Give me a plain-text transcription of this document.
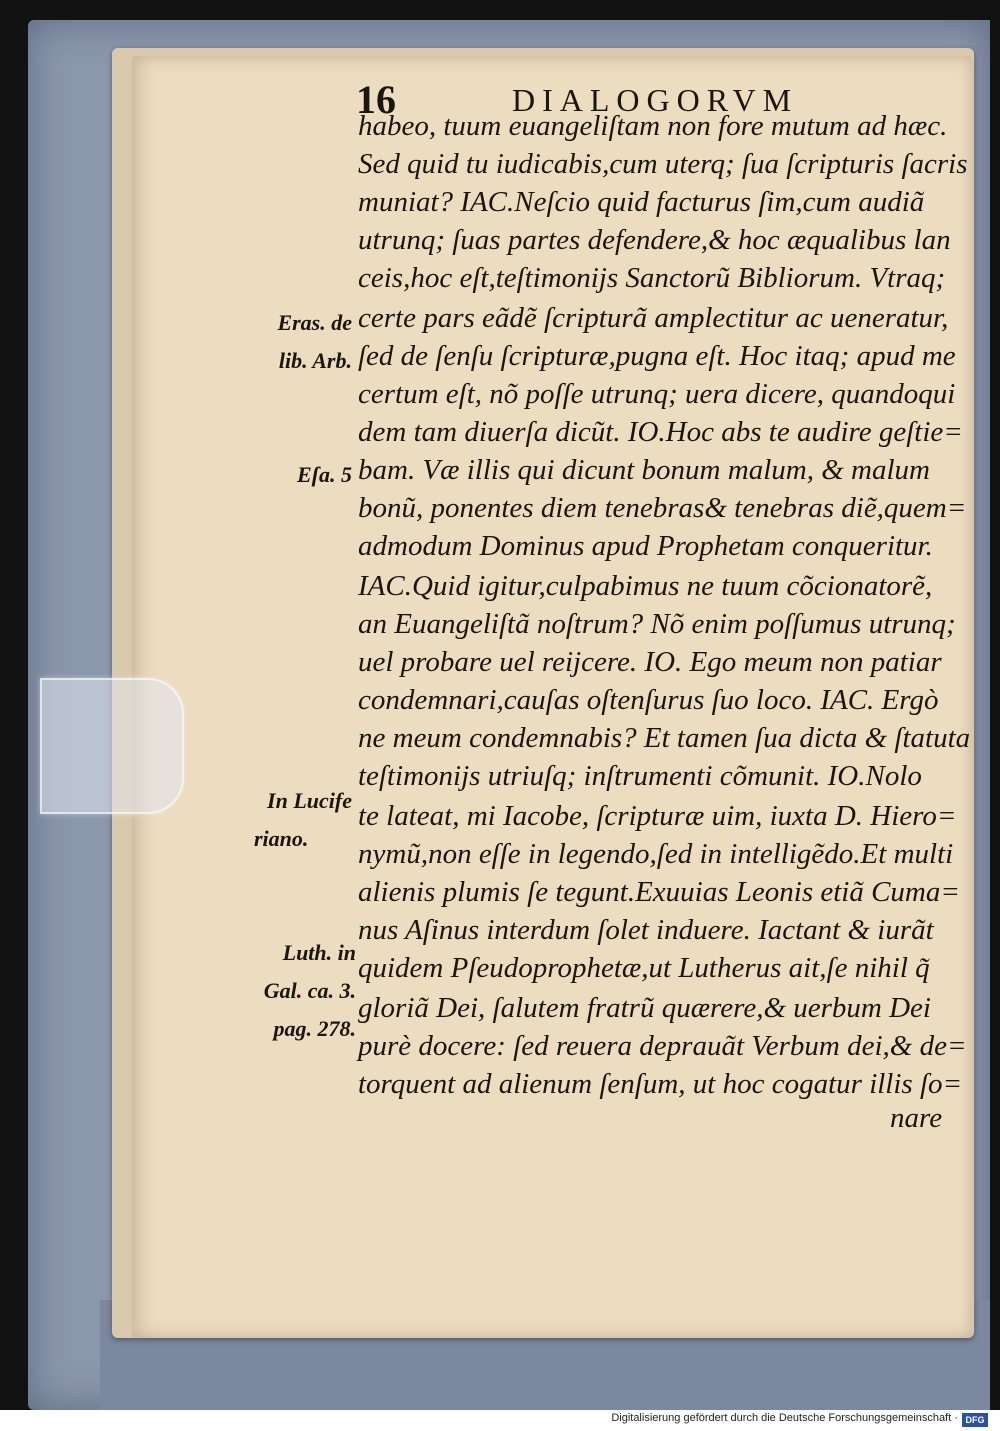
16	DIALOGORVM
habeo, tuum euangeliſtam non fore mutum ad hæc.
Sed quid tu iudicabis,cum uterq; ſua ſcripturis ſacris
muniat? IAC.Neſcio quid facturus ſim,cum audiã
utrunq; ſuas partes defendere,& hoc æqualibus lan
ceis,hoc eſt,teſtimonijs Sanctorũ Bibliorum. Vtraq;
certe pars eãdẽ ſcripturã amplectitur ac ueneratur,
ſed de ſenſu ſcripturæ,pugna eſt. Hoc itaq; apud me
certum eſt, nõ poſſe utrunq; uera dicere, quandoqui
dem tam diuerſa dicũt. IO.Hoc abs te audire geſtie=
bam. Væ illis qui dicunt bonum malum, & malum
bonũ, ponentes diem tenebras& tenebras diẽ,quem=
admodum Dominus apud Prophetam conqueritur.
IAC.Quid igitur,culpabimus ne tuum cõcionatorẽ,
an Euangeliſtã noſtrum? Nõ enim poſſumus utrunq;
uel probare uel reijcere. IO. Ego meum non patiar
condemnari,cauſas oſtenſurus ſuo loco. IAC. Ergò
ne meum condemnabis? Et tamen ſua dicta & ſtatuta
teſtimonijs utriuſq; inſtrumenti cõmunit. IO.Nolo
te lateat, mi Iacobe, ſcripturæ uim, iuxta D. Hiero=
nymũ,non eſſe in legendo,ſed in intelligẽdo.Et multi
alienis plumis ſe tegunt.Exuuias Leonis etiã Cuma=
nus Aſinus interdum ſolet induere. Iactant & iurãt
quidem Pſeudoprophetæ,ut Lutherus ait,ſe nihil q̃
gloriã Dei, ſalutem fratrũ quærere,& uerbum Dei
purè docere: ſed reuera deprauãt Verbum dei,& de=
torquent ad alienum ſenſum, ut hoc cogatur illis ſo=
nare
Eras. de
lib. Arb.
Eſa. 5
In Lucife
riano.
Luth. in
Gal. ca. 3.
pag. 278.
Digitalisierung gefördert durch die Deutsche Forschungsgemeinschaft · DFG
